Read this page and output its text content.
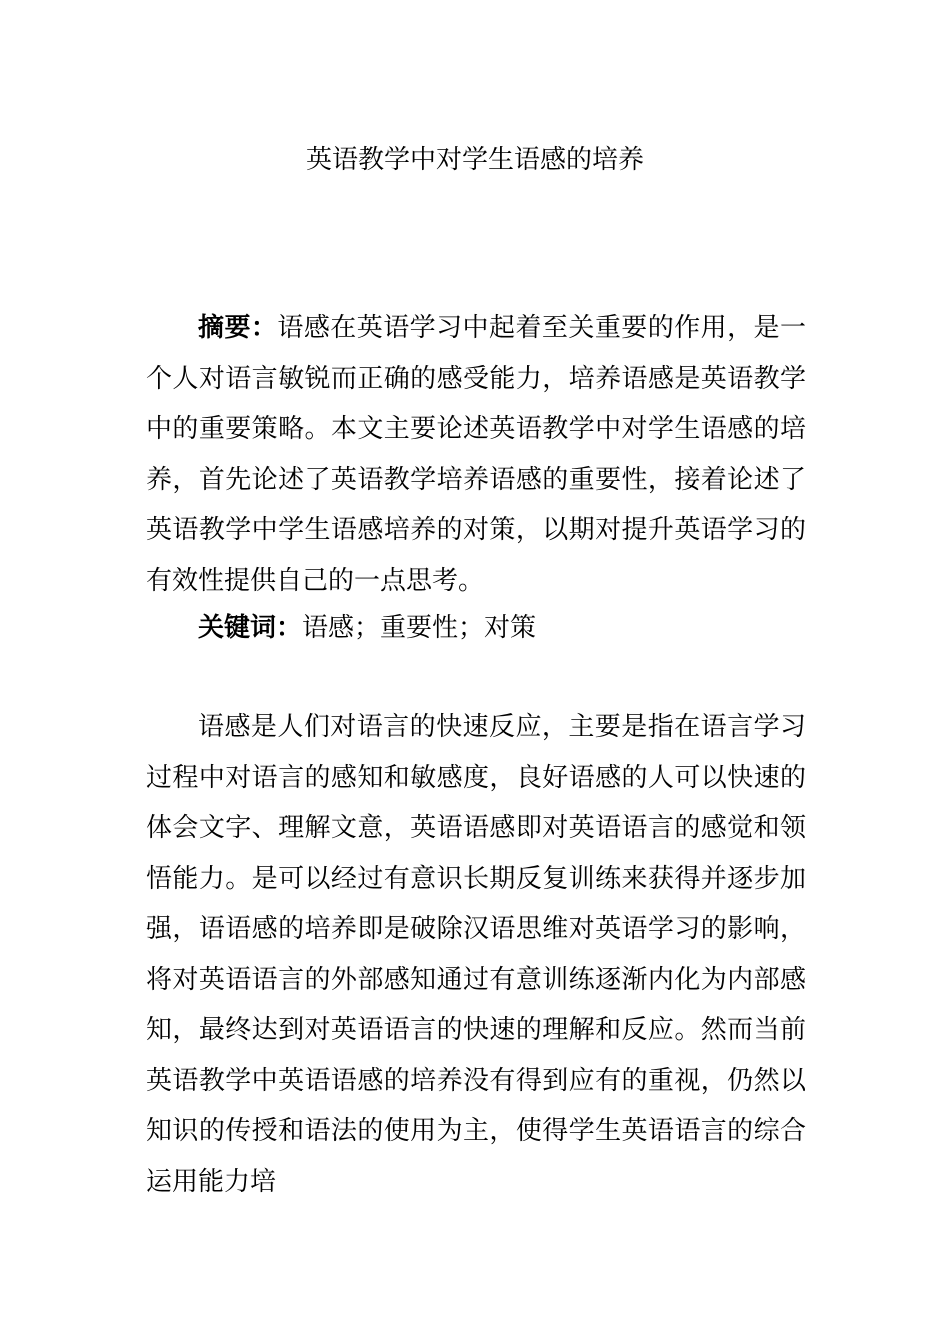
英语教学中对学生语感的培养

摘要：语感在英语学习中起着至关重要的作用，是一个人对语言敏锐而正确的感受能力，培养语感是英语教学中的重要策略。本文主要论述英语教学中对学生语感的培养，首先论述了英语教学培养语感的重要性，接着论述了英语教学中学生语感培养的对策，以期对提升英语学习的有效性提供自己的一点思考。

关键词：语感；重要性；对策

语感是人们对语言的快速反应，主要是指在语言学习过程中对语言的感知和敏感度，良好语感的人可以快速的体会文字、理解文意，英语语感即对英语语言的感觉和领悟能力。是可以经过有意识长期反复训练来获得并逐步加强，语语感的培养即是破除汉语思维对英语学习的影响，将对英语语言的外部感知通过有意训练逐渐内化为内部感知，最终达到对英语语言的快速的理解和反应。然而当前英语教学中英语语感的培养没有得到应有的重视，仍然以知识的传授和语法的使用为主，使得学生英语语言的综合运用能力培
